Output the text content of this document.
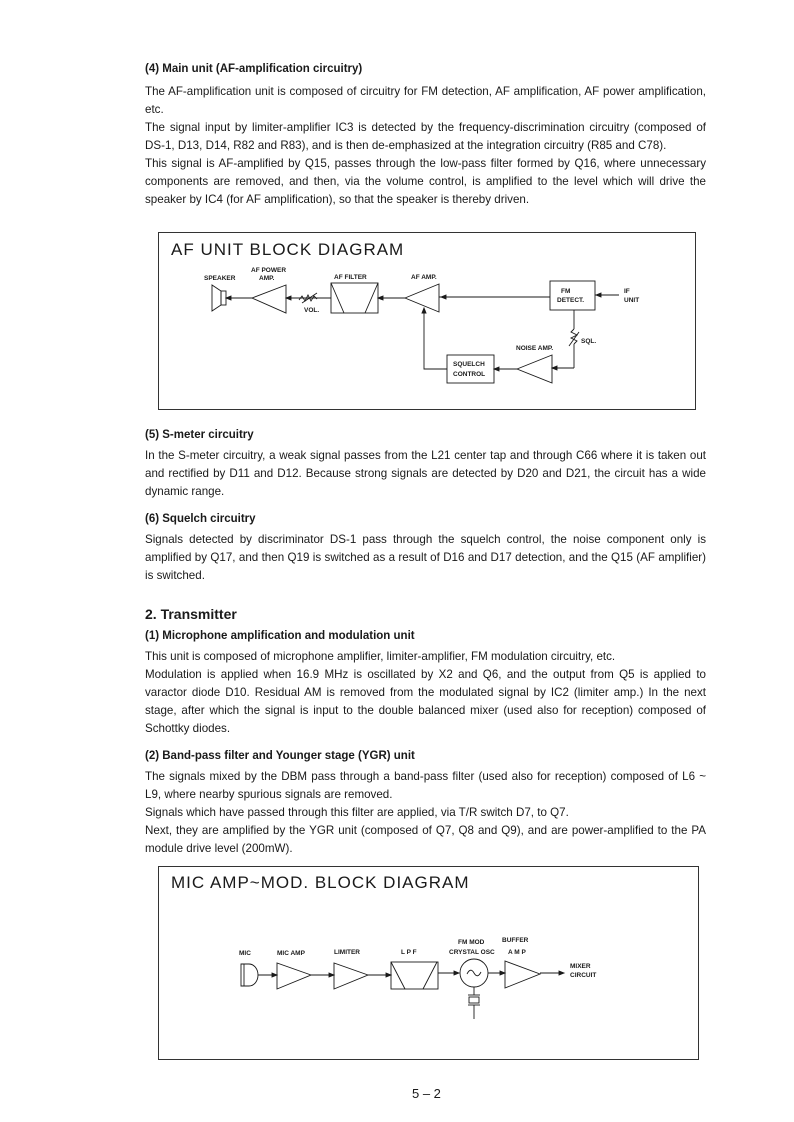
(4) Main unit (AF-amplification circuitry)

The AF-amplification unit is composed of circuitry for FM detection, AF amplification, AF power amplification, etc.

The signal input by limiter-amplifier IC3 is detected by the frequency-discrimination circuitry (composed of DS-1, D13, D14, R82 and R83), and is then de-emphasized at the integration circuitry (R85 and C78).

This signal is AF-amplified by Q15, passes through the low-pass filter formed by Q16, where unnecessary components are removed, and then, via the volume control, is amplified to the level which will drive the speaker by IC4 (for AF amplification), so that the speaker is thereby driven.

AF UNIT BLOCK DIAGRAM
SPEAKER
AF POWER
AMP.	AF FILTER	AF AMP.
VOL.
FM
DETECT.
IF
UNIT
SQL.
NOISE AMP.
SQUELCH
CONTROL
(5) S-meter circuitry

In the S-meter circuitry, a weak signal passes from the L21 center tap and through C66 where it is taken out and rectified by D11 and D12. Because strong signals are detected by D20 and D21, the circuit has a wide dynamic range.

(6) Squelch circuitry

Signals detected by discriminator DS-1 pass through the squelch control, the noise component only is amplified by Q17, and then Q19 is switched as a result of D16 and D17 detection, and the Q15 (AF amplifier) is switched.

2. Transmitter
(1) Microphone amplification and modulation unit

This unit is composed of microphone amplifier, limiter-amplifier, FM modulation circuitry, etc.

Modulation is applied when 16.9 MHz is oscillated by X2 and Q6, and the output from Q5 is applied to varactor diode D10. Residual AM is removed from the modulated signal by IC2 (limiter amp.) In the next stage, after which the signal is input to the double balanced mixer (used also for reception) composed of Schottky diodes.

(2) Band-pass filter and Younger stage (YGR) unit

The signals mixed by the DBM pass through a band-pass filter (used also for reception) composed of L6 ~ L9, where nearby spurious signals are removed.

Signals which have passed through this filter are applied, via T/R switch D7, to Q7.

Next, they are amplified by the YGR unit (composed of Q7, Q8 and Q9), and are power-amplified to the PA module drive level (200mW).

MIC AMP~MOD. BLOCK DIAGRAM
MIC	MIC AMP	LIMITER	L P F
FM MOD
CRYSTAL OSC
BUFFER
A M P
MIXER
CIRCUIT
5 – 2
